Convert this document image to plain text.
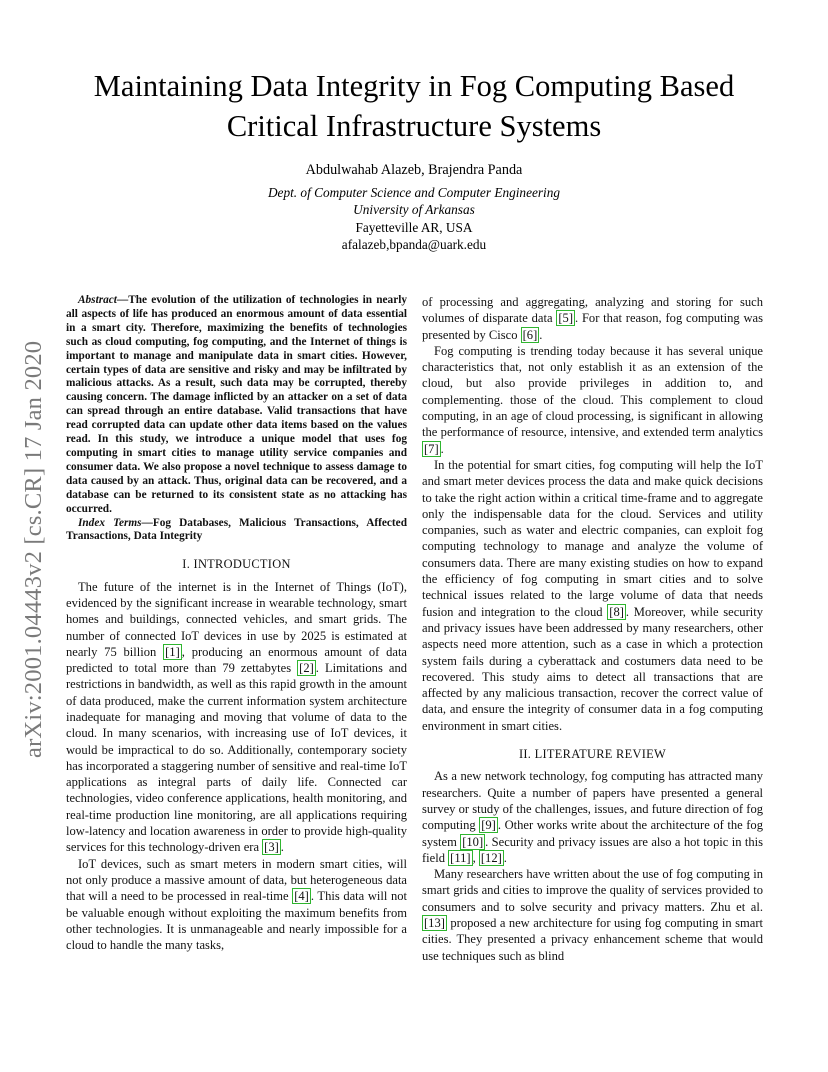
arXiv:2001.04443v2 [cs.CR] 17 Jan 2020
Maintaining Data Integrity in Fog Computing Based
Critical Infrastructure Systems
Abdulwahab Alazeb, Brajendra Panda
Dept. of Computer Science and Computer Engineering
University of Arkansas
Fayetteville AR, USA
afalazeb,bpanda@uark.edu

Abstract—The evolution of the utilization of technologies in nearly all aspects of life has produced an enormous amount of data essential in a smart city. Therefore, maximizing the benefits of technologies such as cloud computing, fog computing, and the Internet of things is important to manage and manipulate data in smart cities. However, certain types of data are sensitive and risky and may be infiltrated by malicious attacks. As a result, such data may be corrupted, thereby causing concern. The damage inflicted by an attacker on a set of data can spread through an entire database. Valid transactions that have read corrupted data can update other data items based on the values read. In this study, we introduce a unique model that uses fog computing in smart cities to manage utility service companies and consumer data. We also propose a novel technique to assess damage to data caused by an attack. Thus, original data can be recovered, and a database can be returned to its consistent state as no attacking has occurred.

Index Terms—Fog Databases, Malicious Transactions, Affected Transactions, Data Integrity

I. INTRODUCTION

The future of the internet is in the Internet of Things (IoT), evidenced by the significant increase in wearable technology, smart homes and buildings, connected vehicles, and smart grids. The number of connected IoT devices in use by 2025 is estimated at nearly 75 billion [1] , producing an enormous amount of data predicted to total more than 79 zettabytes [2] . Limitations and restrictions in bandwidth, as well as this rapid growth in the amount of data produced, make the current information system architecture inadequate for managing and moving that volume of data to the cloud. In many scenarios, with increasing use of IoT devices, it would be impractical to do so. Additionally, contemporary society has incorporated a staggering number of sensitive and real-time IoT applications as integral parts of daily life. Connected car technologies, video conference applications, health monitoring, and real-time production line monitoring, are all applications requiring low-latency and location awareness in order to provide high-quality services for this technology-driven era [3] .

IoT devices, such as smart meters in modern smart cities, will not only produce a massive amount of data, but heterogeneous data that will a need to be processed in real-time [4] . This data will not be valuable enough without exploiting the maximum benefits from other technologies. It is unmanageable and nearly impossible for a cloud to handle the many tasks,

of processing and aggregating, analyzing and storing for such volumes of disparate data [5] . For that reason, fog computing was presented by Cisco [6] .

Fog computing is trending today because it has several unique characteristics that, not only establish it as an extension of the cloud, but also provide privileges in addition to, and complementing. those of the cloud. This complement to cloud computing, in an age of cloud processing, is significant in allowing the performance of resource, intensive, and extended term analytics [7] .

In the potential for smart cities, fog computing will help the IoT and smart meter devices process the data and make quick decisions to take the right action within a critical time-frame and to aggregate only the indispensable data for the cloud. Services and utility companies, such as water and electric companies, can exploit fog computing technology to manage and analyze the volume of consumers data. There are many existing studies on how to expand the efficiency of fog computing in smart cities and to solve technical issues related to the large volume of data that needs fusion and integration to the cloud [8] . Moreover, while security and privacy issues have been addressed by many researchers, other aspects need more attention, such as a case in which a protection system fails during a cyberattack and costumers data need to be recovered. This study aims to detect all transactions that are affected by any malicious transaction, recover the correct value of data, and ensure the integrity of consumer data in a fog computing environment in smart cities.

II. LITERATURE REVIEW

As a new network technology, fog computing has attracted many researchers. Quite a number of papers have presented a general survey or study of the challenges, issues, and future direction of fog computing [9] . Other works write about the architecture of the fog system [10] . Security and privacy issues are also a hot topic in this field [11] , [12] .

Many researchers have written about the use of fog computing in smart grids and cities to improve the quality of services provided to consumers and to solve security and privacy matters. Zhu et al. [13] proposed a new architecture for using fog computing in smart cities. They presented a privacy enhancement scheme that would use techniques such as blind
